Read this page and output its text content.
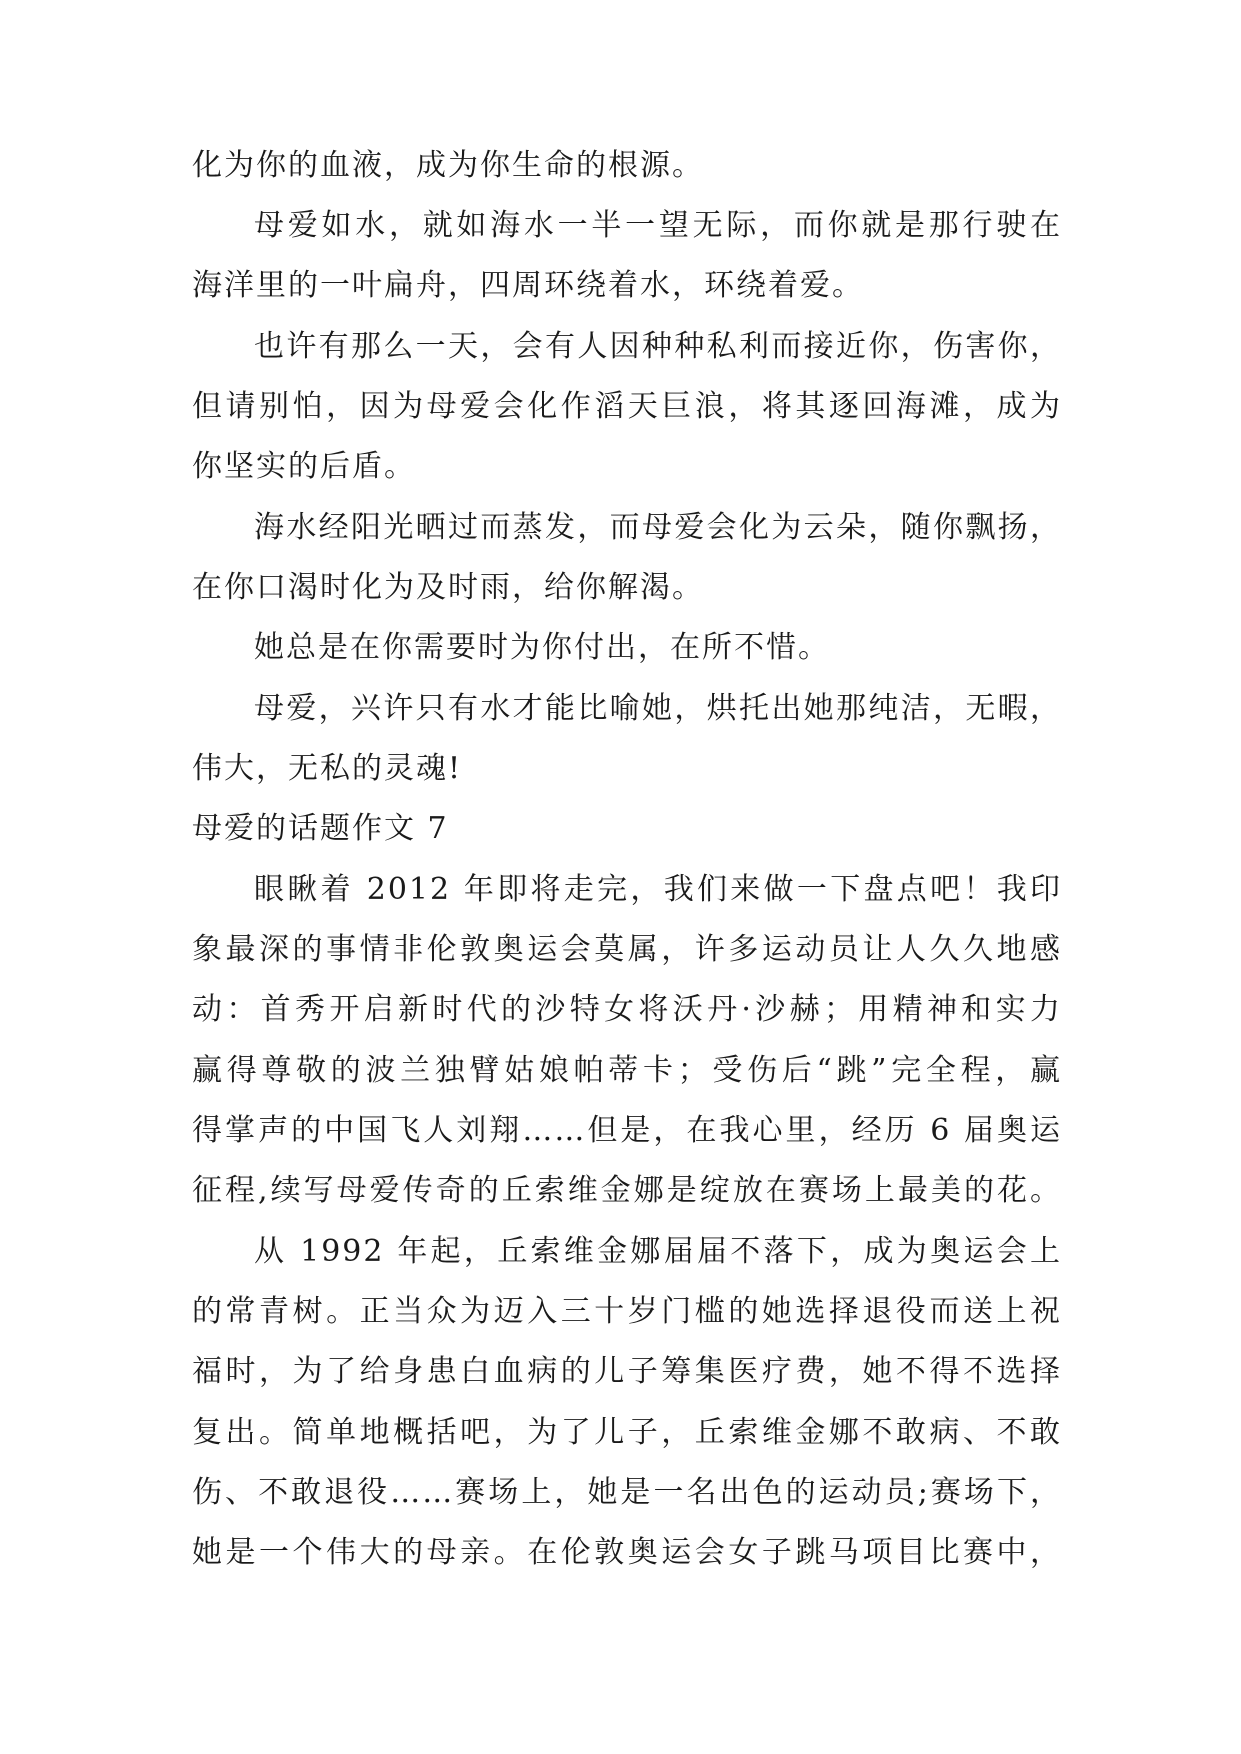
化为你的血液，成为你生命的根源。
母爱如水，就如海水一半一望无际，而你就是那行驶在
海洋里的一叶扁舟，四周环绕着水，环绕着爱。
也许有那么一天，会有人因种种私利而接近你，伤害你，
但请别怕，因为母爱会化作滔天巨浪，将其逐回海滩，成为
你坚实的后盾。
海水经阳光晒过而蒸发，而母爱会化为云朵，随你飘扬，
在你口渴时化为及时雨，给你解渴。
她总是在你需要时为你付出，在所不惜。
母爱，兴许只有水才能比喻她，烘托出她那纯洁，无暇，
伟大，无私的灵魂!
母爱的话题作文 7
眼瞅着 2012 年即将走完，我们来做一下盘点吧！我印
象最深的事情非伦敦奥运会莫属，许多运动员让人久久地感
动：首秀开启新时代的沙特女将沃丹·沙赫；用精神和实力
赢得尊敬的波兰独臂姑娘帕蒂卡；受伤后“跳”完全程，赢
得掌声的中国飞人刘翔……但是，在我心里，经历 6 届奥运
征程,续写母爱传奇的丘索维金娜是绽放在赛场上最美的花。
从 1992 年起，丘索维金娜届届不落下，成为奥运会上
的常青树。正当众为迈入三十岁门槛的她选择退役而送上祝
福时，为了给身患白血病的儿子筹集医疗费，她不得不选择
复出。简单地概括吧，为了儿子，丘索维金娜不敢病、不敢
伤、不敢退役……赛场上，她是一名出色的运动员;赛场下，
她是一个伟大的母亲。在伦敦奥运会女子跳马项目比赛中，
